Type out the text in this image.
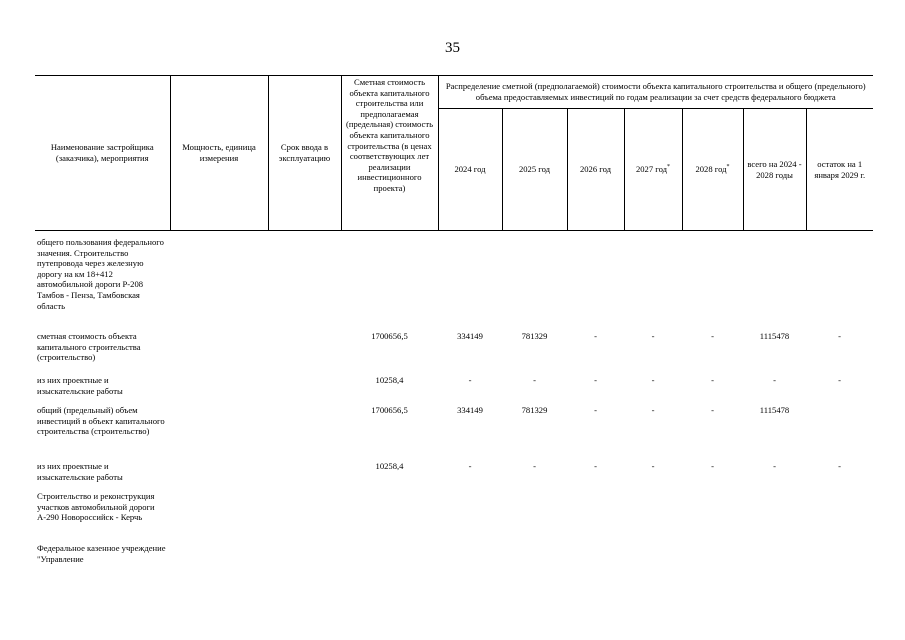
35
Наименование застройщика (заказчика), мероприятия	Мощность, единица измерения	Срок ввода в эксплуатацию	Сметная стоимость объекта капитального строительства или предполагаемая (предельная) стоимость объекта капитального строительства (в ценах соответствующих лет реализации инвестиционного проекта)	Распределение сметной (предполагаемой) стоимости объекта капитального строительства и общего (предельного) объема предоставляемых инвестиций по годам реализации за счет средств федерального бюджета						
				2024 год	2025 год	2026 год	2027 год*	2028 год*	всего на 2024 - 2028 годы	остаток на 1 января 2029 г.

общего пользования федерального значения. Строительство путепровода через железную дорогу на км 18+412 автомобильной дороги Р-208 Тамбов - Пенза, Тамбовская область										
сметная стоимость объекта капитального строительства (строительство)			1700656,5	334149	781329	-	-	-	1115478	-
из них проектные и изыскательские работы			10258,4	-	-	-	-	-	-	-
общий (предельный) объем инвестиций в объект капитального строительства (строительство)			1700656,5	334149	781329	-	-	-	1115478	
из них проектные и изыскательские работы			10258,4	-	-	-	-	-	-	-
Строительство и реконструкция участков автомобильной дороги А-290 Новороссийск - Керчь										
Федеральное казенное учреждение "Управление										
